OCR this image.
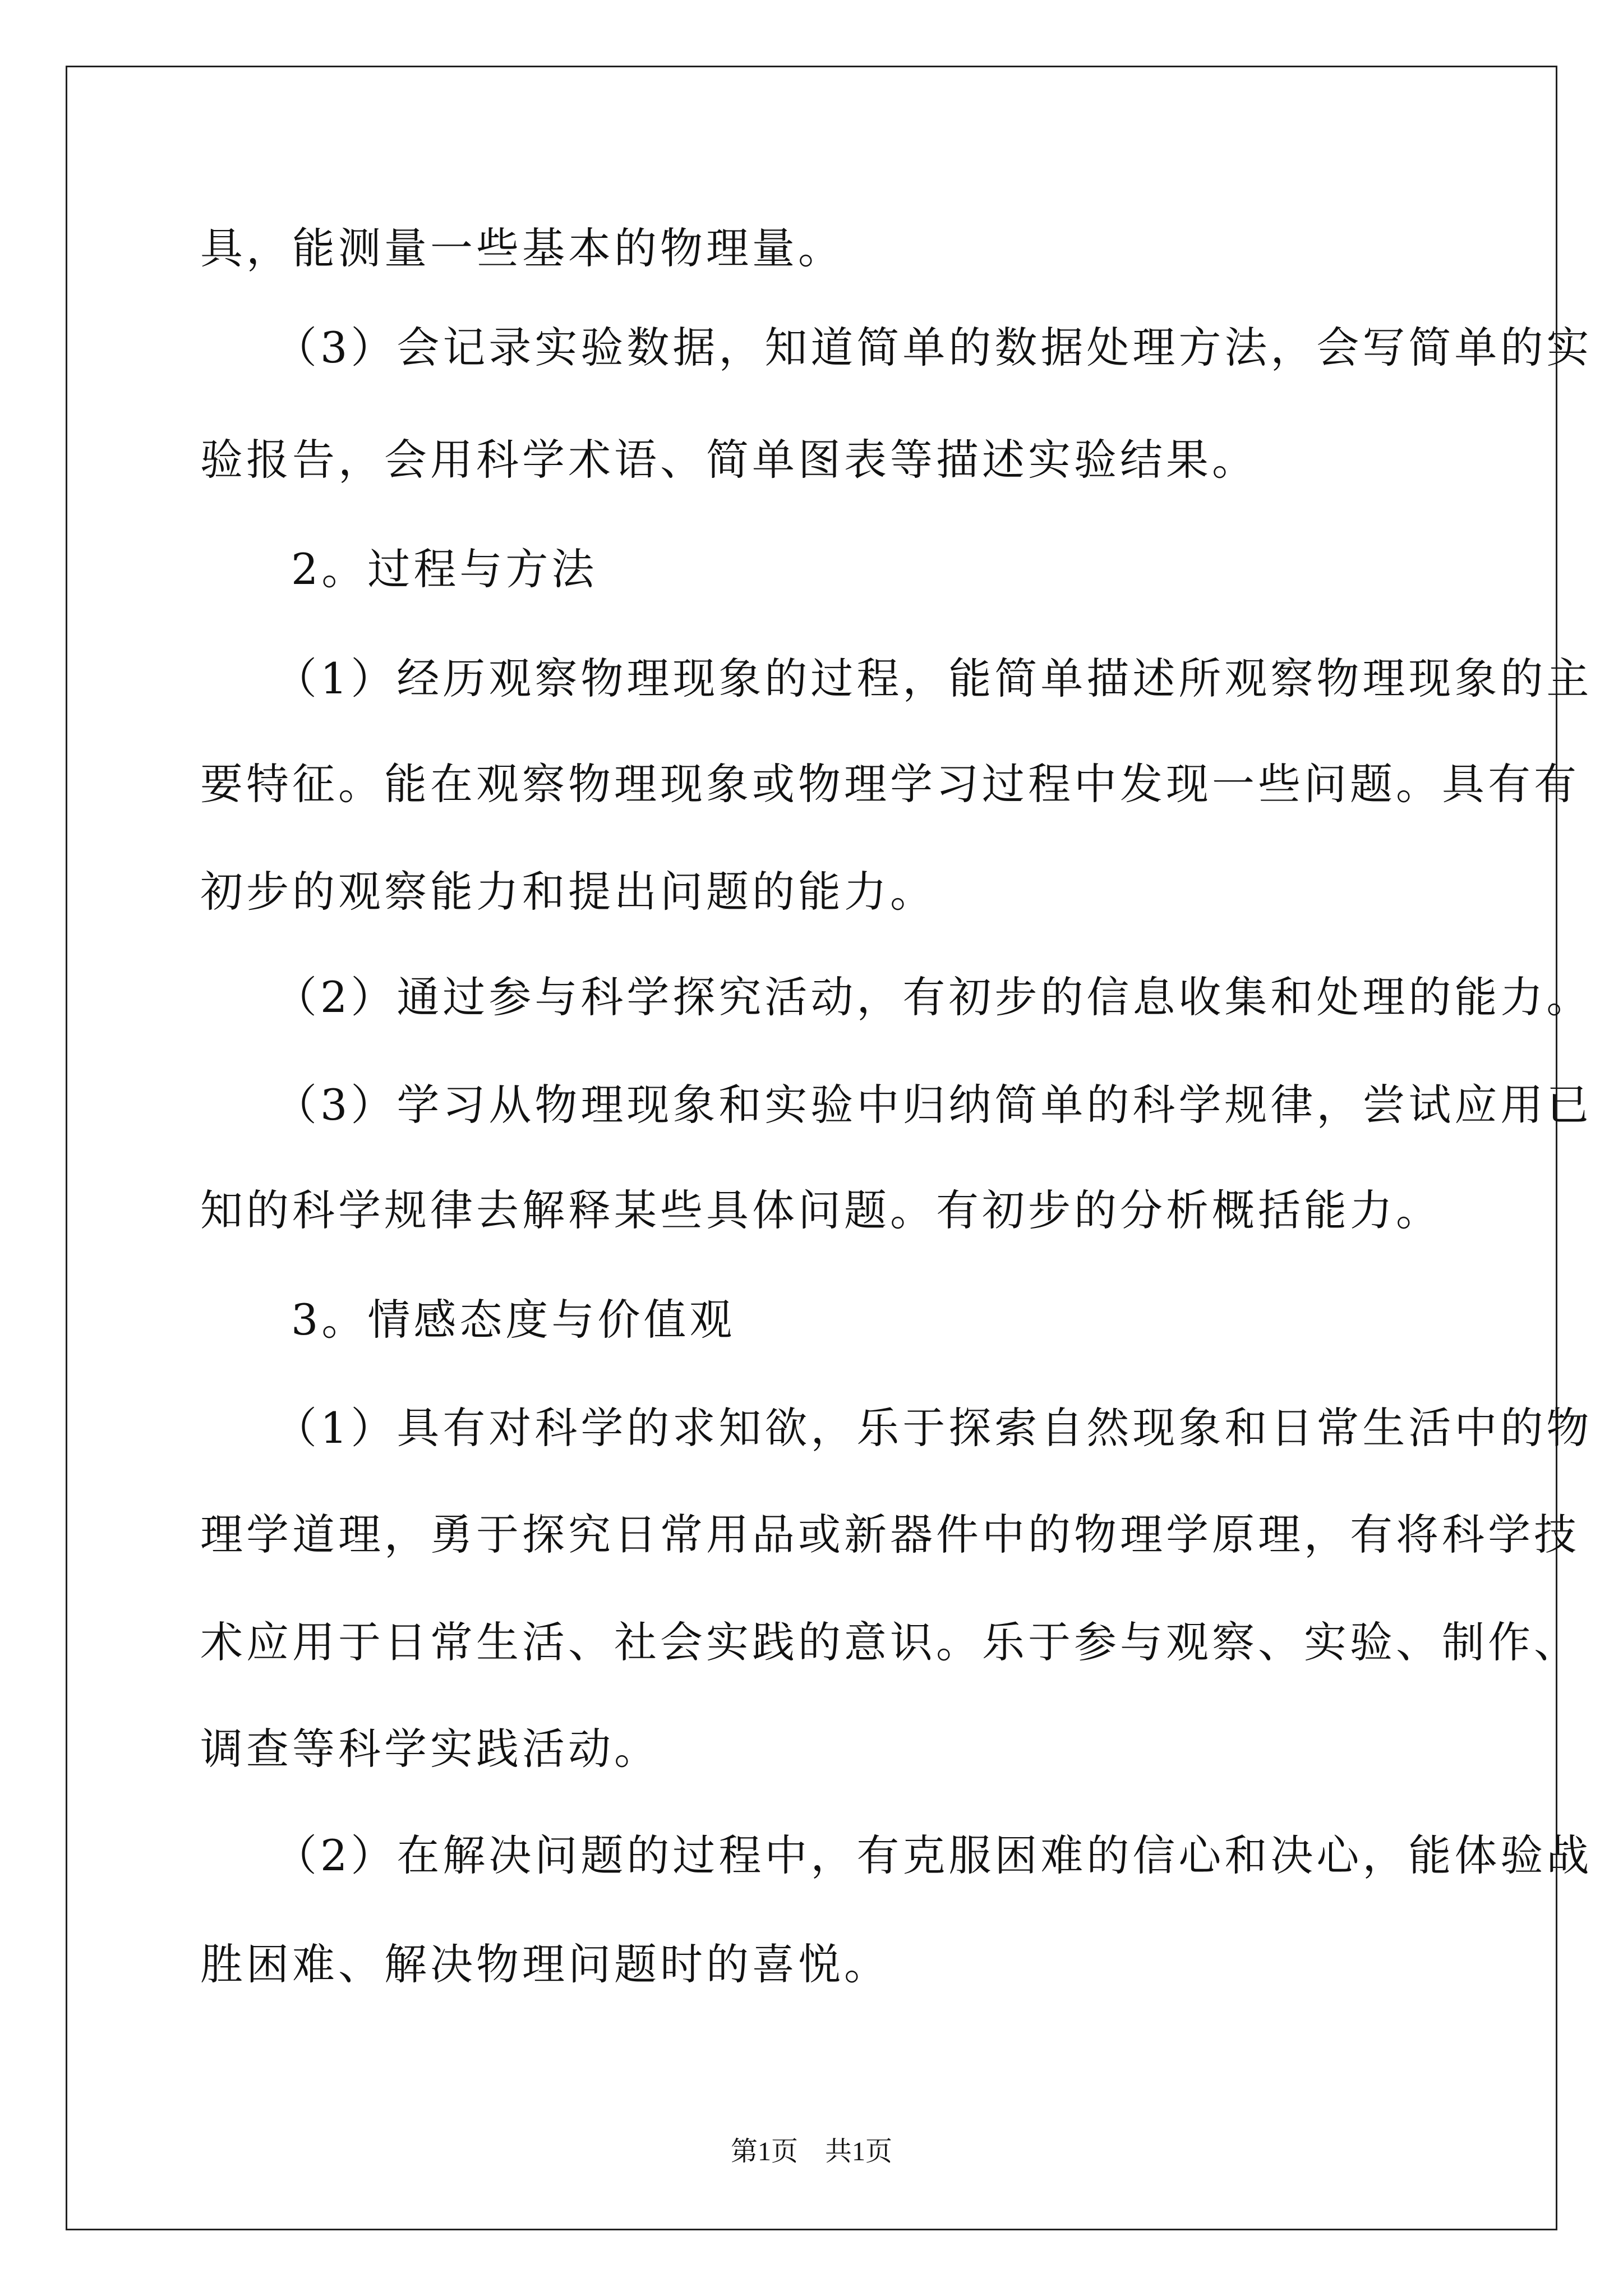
具，能测量一些基本的物理量。
（3）会记录实验数据，知道简单的数据处理方法，会写简单的实
验报告，会用科学术语、简单图表等描述实验结果。
2。过程与方法
（1）经历观察物理现象的过程，能简单描述所观察物理现象的主
要特征。能在观察物理现象或物理学习过程中发现一些问题。具有有
初步的观察能力和提出问题的能力。
（2）通过参与科学探究活动，有初步的信息收集和处理的能力。
（3）学习从物理现象和实验中归纳简单的科学规律，尝试应用已
知的科学规律去解释某些具体问题。有初步的分析概括能力。
3。情感态度与价值观
（1）具有对科学的求知欲，乐于探索自然现象和日常生活中的物
理学道理，勇于探究日常用品或新器件中的物理学原理，有将科学技
术应用于日常生活、社会实践的意识。乐于参与观察、实验、制作、
调查等科学实践活动。
（2）在解决问题的过程中，有克服困难的信心和决心，能体验战
胜困难、解决物理问题时的喜悦。
第1页　共1页
